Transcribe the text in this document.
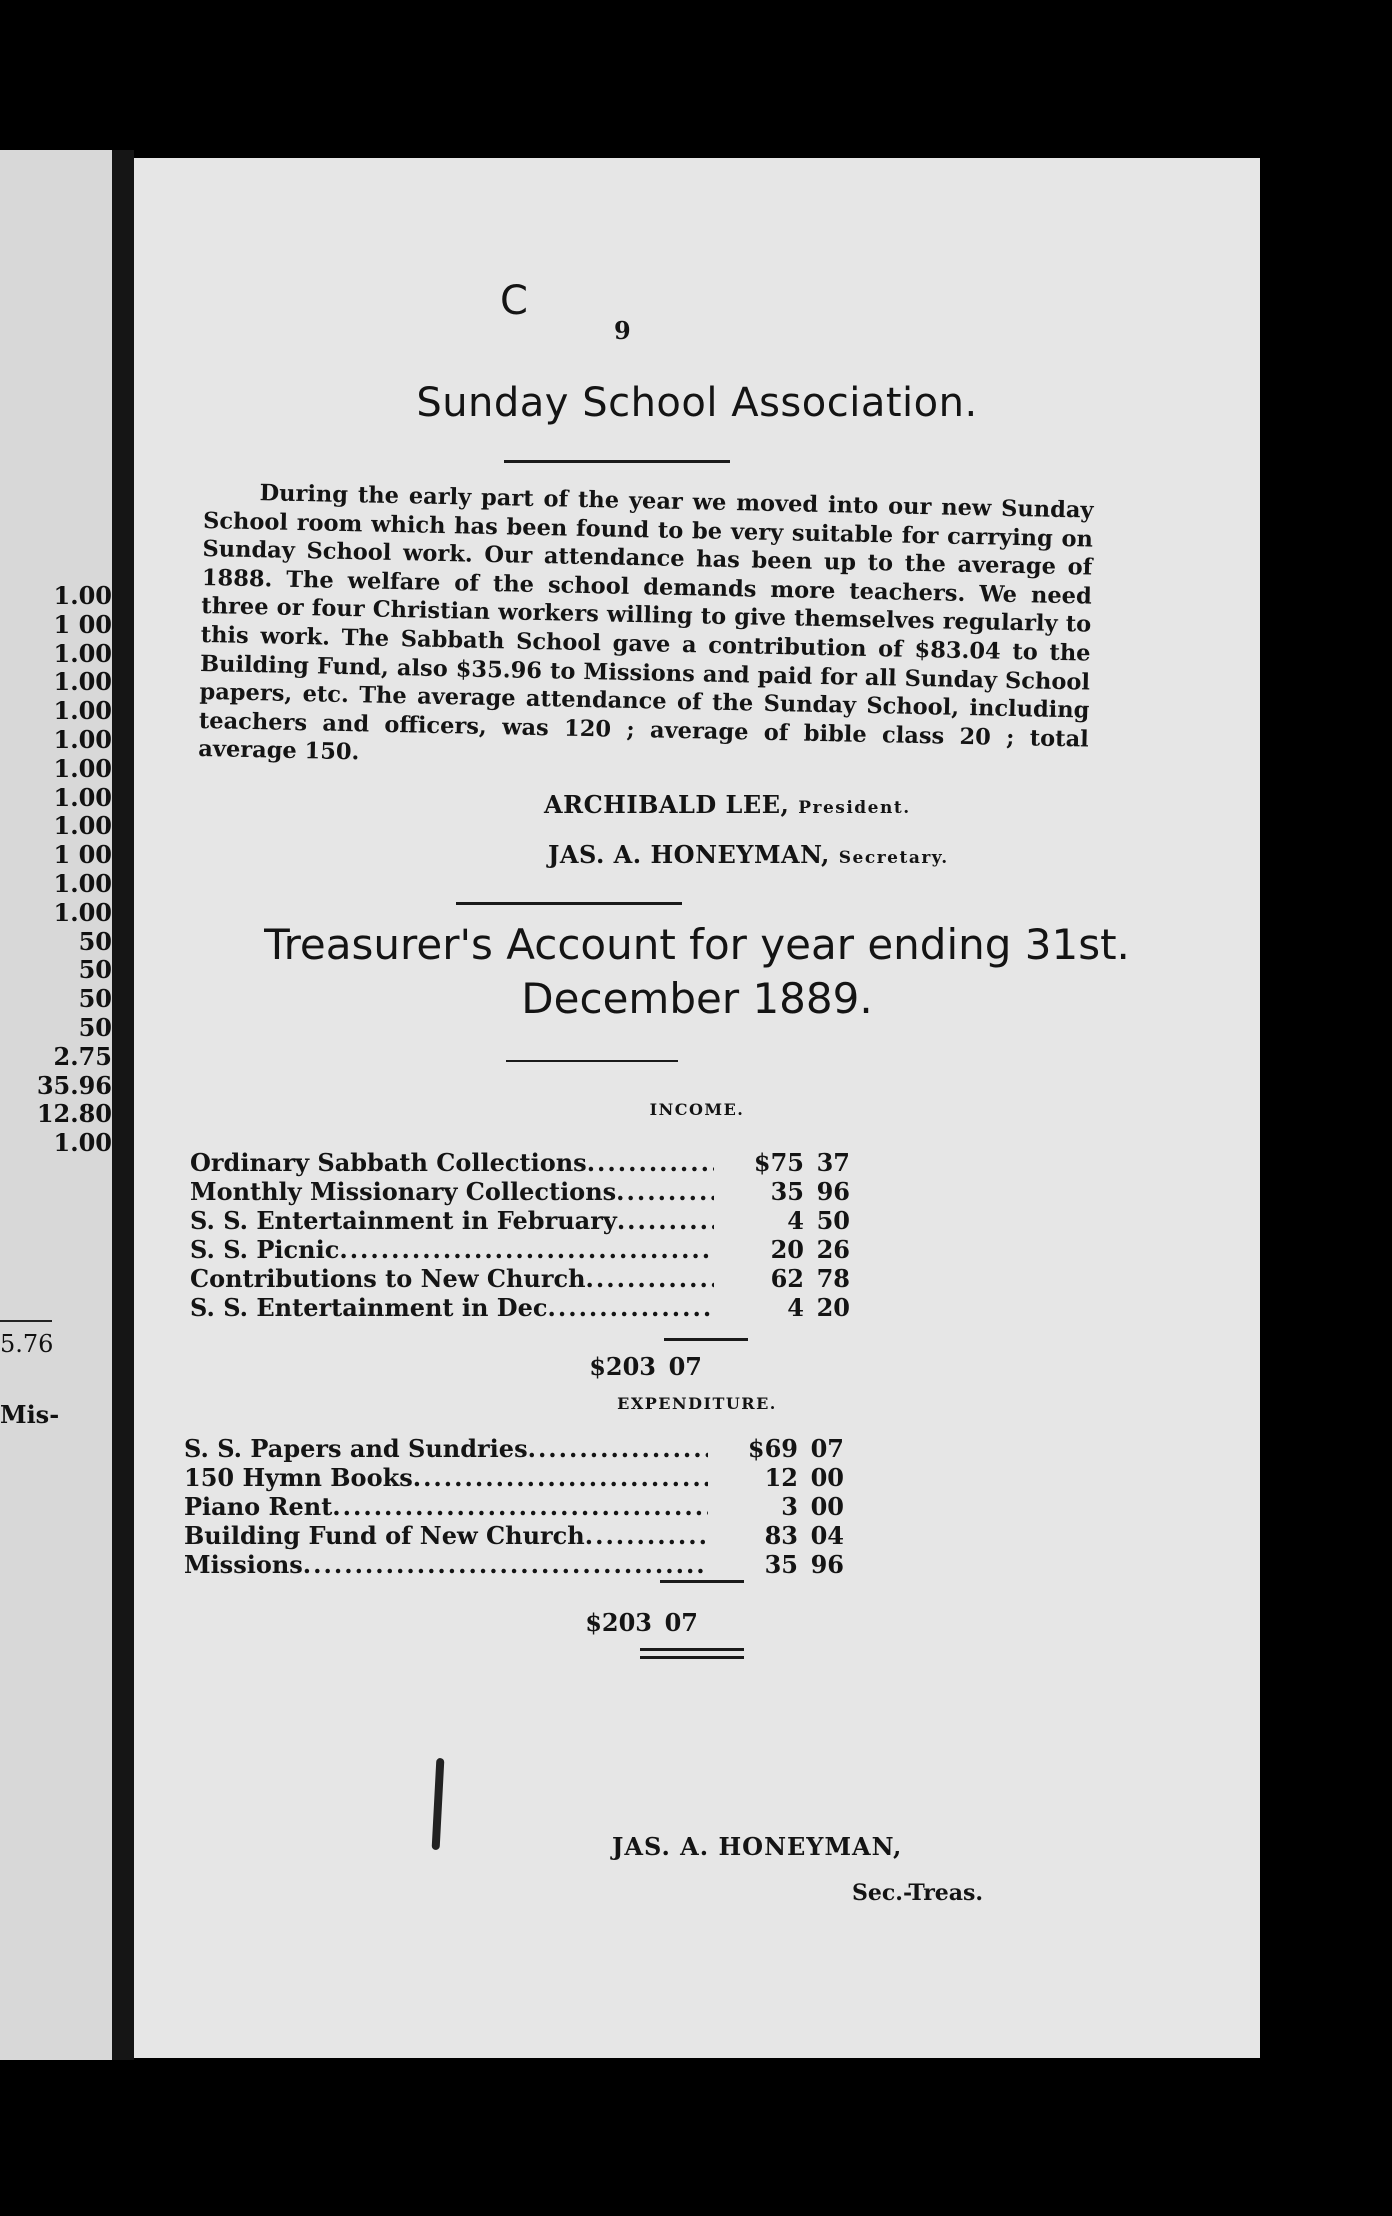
1.00
1 00
1.00
1.00
1.00
1.00
1.00
1.00
1.00
1 00
1.00
1.00
50
50
50
50
2.75
35.96
12.80
1.00
5.76
Mis-
C
9
Sunday School Association.
During the early part of the year we moved into our new Sunday School room which has been found to be very suitable for carrying on Sunday School work. Our attendance has been up to the average of 1888. The welfare of the school demands more teachers. We need three or four Christian workers willing to give themselves regularly to this work. The Sabbath School gave a contribution of $83.04 to the Building Fund, also $35.96 to Missions and paid for all Sunday School papers, etc. The average attendance of the Sunday School, including teachers and officers, was 120 ; average of bible class 20 ; total average 150.
ARCHIBALD LEE, President.
JAS. A. HONEYMAN, Secretary.
Treasurer's Account for year ending 31st.
December 1889.
INCOME.
Ordinary Sabbath Collections .....	$75 37
Monthly Missionary Collections .....	35 96
S. S. Entertainment in February .....	4 50
S. S. Picnic .....	20 26
Contributions to New Church .....	62 78
S. S. Entertainment in Dec .....	4 20
$203 07
EXPENDITURE.
S. S. Papers and Sundries .....	$69 07
150 Hymn Books .....	12 00
Piano Rent .....	3 00
Building Fund of New Church .....	83 04
Missions .....	35 96
$203 07
JAS. A. HONEYMAN,
Sec.-Treas.
